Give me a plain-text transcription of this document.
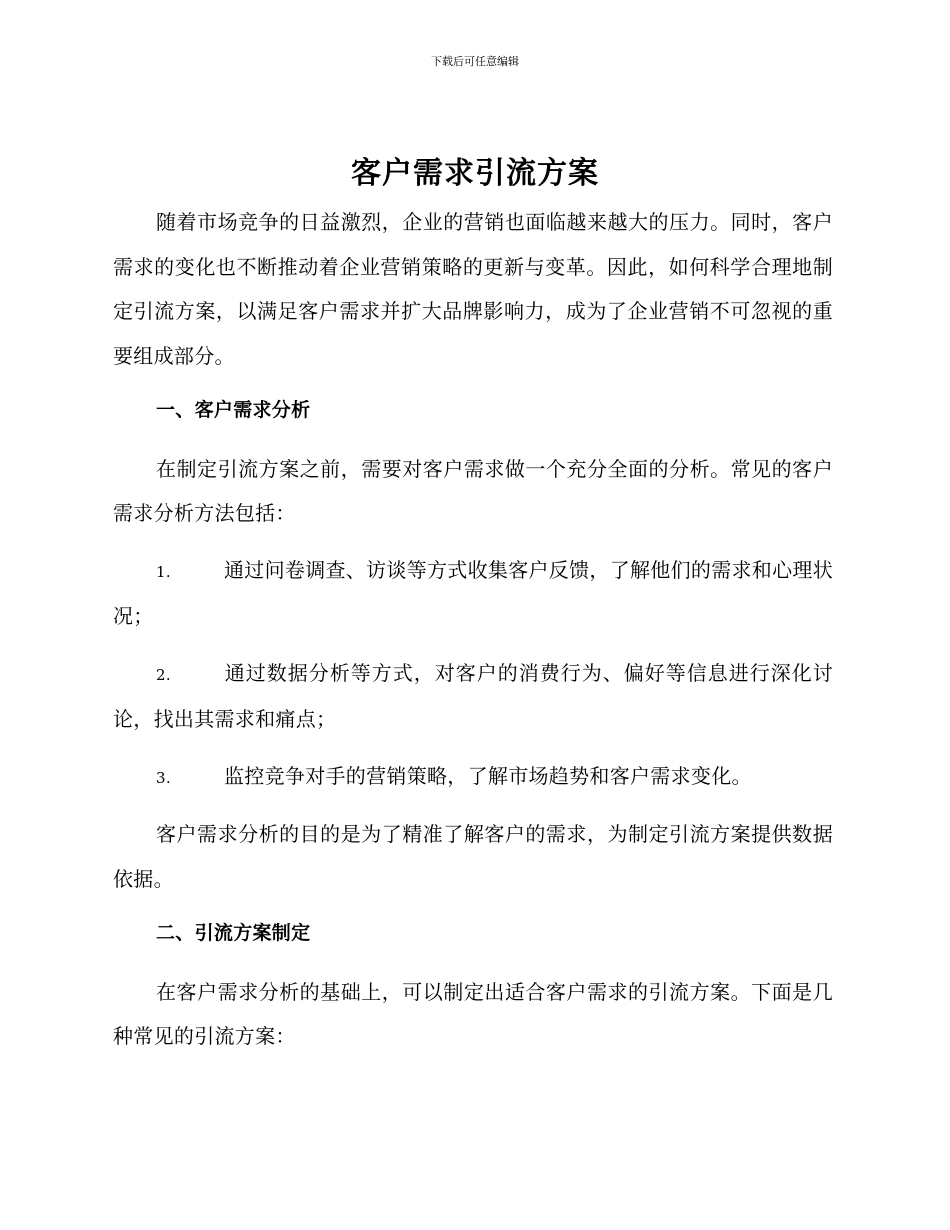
下载后可任意编辑
客户需求引流方案

随着市场竞争的日益激烈，企业的营销也面临越来越大的压力。同时，客户需求的变化也不断推动着企业营销策略的更新与变革。因此，如何科学合理地制定引流方案，以满足客户需求并扩大品牌影响力，成为了企业营销不可忽视的重要组成部分。

一、客户需求分析

在制定引流方案之前，需要对客户需求做一个充分全面的分析。常见的客户需求分析方法包括：

1.	通过问卷调查、访谈等方式收集客户反馈，了解他们的需求和心理状况；
2.	通过数据分析等方式，对客户的消费行为、偏好等信息进行深化讨论，找出其需求和痛点；
3.	监控竞争对手的营销策略，了解市场趋势和客户需求变化。

客户需求分析的目的是为了精准了解客户的需求，为制定引流方案提供数据依据。

二、引流方案制定

在客户需求分析的基础上，可以制定出适合客户需求的引流方案。下面是几种常见的引流方案：
